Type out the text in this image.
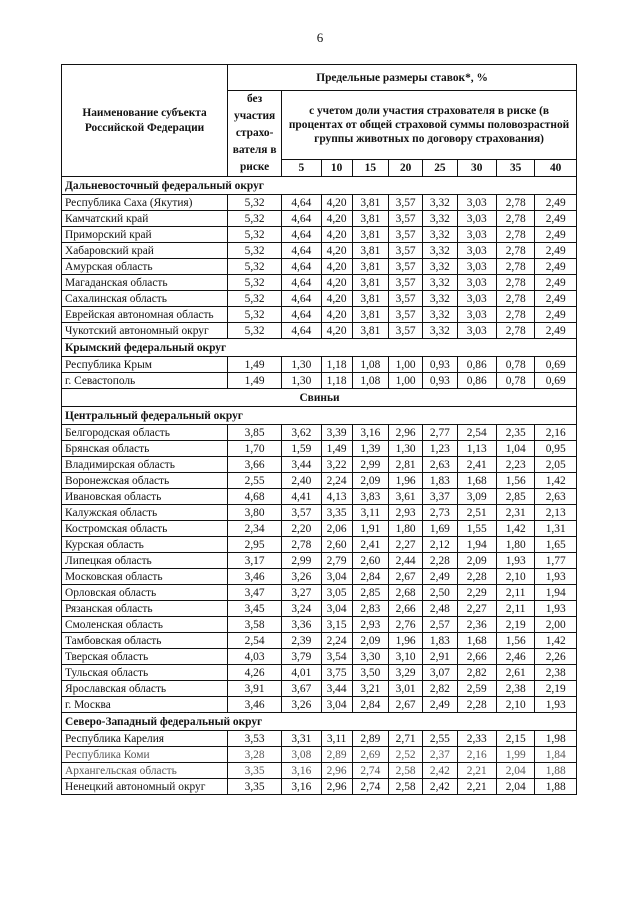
6
Наименование субъекта Российской Федерации	Предельные размеры ставок*, %								
	без участия страхо-вателя в риске	с учетом доли участия страхователя в риске (в процентах от общей страховой суммы половозрастной группы животных по договору страхования)							
		5	10	15	20	25	30	35	40
Дальневосточный федеральный округ									
Республика Саха (Якутия)	5,32	4,64	4,20	3,81	3,57	3,32	3,03	2,78	2,49
Камчатский край	5,32	4,64	4,20	3,81	3,57	3,32	3,03	2,78	2,49
Приморский край	5,32	4,64	4,20	3,81	3,57	3,32	3,03	2,78	2,49
Хабаровский край	5,32	4,64	4,20	3,81	3,57	3,32	3,03	2,78	2,49
Амурская область	5,32	4,64	4,20	3,81	3,57	3,32	3,03	2,78	2,49
Магаданская область	5,32	4,64	4,20	3,81	3,57	3,32	3,03	2,78	2,49
Сахалинская область	5,32	4,64	4,20	3,81	3,57	3,32	3,03	2,78	2,49
Еврейская автономная область	5,32	4,64	4,20	3,81	3,57	3,32	3,03	2,78	2,49
Чукотский автономный округ	5,32	4,64	4,20	3,81	3,57	3,32	3,03	2,78	2,49
Крымский федеральный округ									
Республика Крым	1,49	1,30	1,18	1,08	1,00	0,93	0,86	0,78	0,69
г. Севастополь	1,49	1,30	1,18	1,08	1,00	0,93	0,86	0,78	0,69
Свиньи									
Центральный федеральный округ									
Белгородская область	3,85	3,62	3,39	3,16	2,96	2,77	2,54	2,35	2,16
Брянская область	1,70	1,59	1,49	1,39	1,30	1,23	1,13	1,04	0,95
Владимирская область	3,66	3,44	3,22	2,99	2,81	2,63	2,41	2,23	2,05
Воронежская область	2,55	2,40	2,24	2,09	1,96	1,83	1,68	1,56	1,42
Ивановская область	4,68	4,41	4,13	3,83	3,61	3,37	3,09	2,85	2,63
Калужская область	3,80	3,57	3,35	3,11	2,93	2,73	2,51	2,31	2,13
Костромская область	2,34	2,20	2,06	1,91	1,80	1,69	1,55	1,42	1,31
Курская область	2,95	2,78	2,60	2,41	2,27	2,12	1,94	1,80	1,65
Липецкая область	3,17	2,99	2,79	2,60	2,44	2,28	2,09	1,93	1,77
Московская область	3,46	3,26	3,04	2,84	2,67	2,49	2,28	2,10	1,93
Орловская область	3,47	3,27	3,05	2,85	2,68	2,50	2,29	2,11	1,94
Рязанская область	3,45	3,24	3,04	2,83	2,66	2,48	2,27	2,11	1,93
Смоленская область	3,58	3,36	3,15	2,93	2,76	2,57	2,36	2,19	2,00
Тамбовская область	2,54	2,39	2,24	2,09	1,96	1,83	1,68	1,56	1,42
Тверская область	4,03	3,79	3,54	3,30	3,10	2,91	2,66	2,46	2,26
Тульская область	4,26	4,01	3,75	3,50	3,29	3,07	2,82	2,61	2,38
Ярославская область	3,91	3,67	3,44	3,21	3,01	2,82	2,59	2,38	2,19
г. Москва	3,46	3,26	3,04	2,84	2,67	2,49	2,28	2,10	1,93
Северо-Западный федеральный округ									
Республика Карелия	3,53	3,31	3,11	2,89	2,71	2,55	2,33	2,15	1,98
Республика Коми	3,28	3,08	2,89	2,69	2,52	2,37	2,16	1,99	1,84
Архангельская область	3,35	3,16	2,96	2,74	2,58	2,42	2,21	2,04	1,88
Ненецкий автономный округ	3,35	3,16	2,96	2,74	2,58	2,42	2,21	2,04	1,88
